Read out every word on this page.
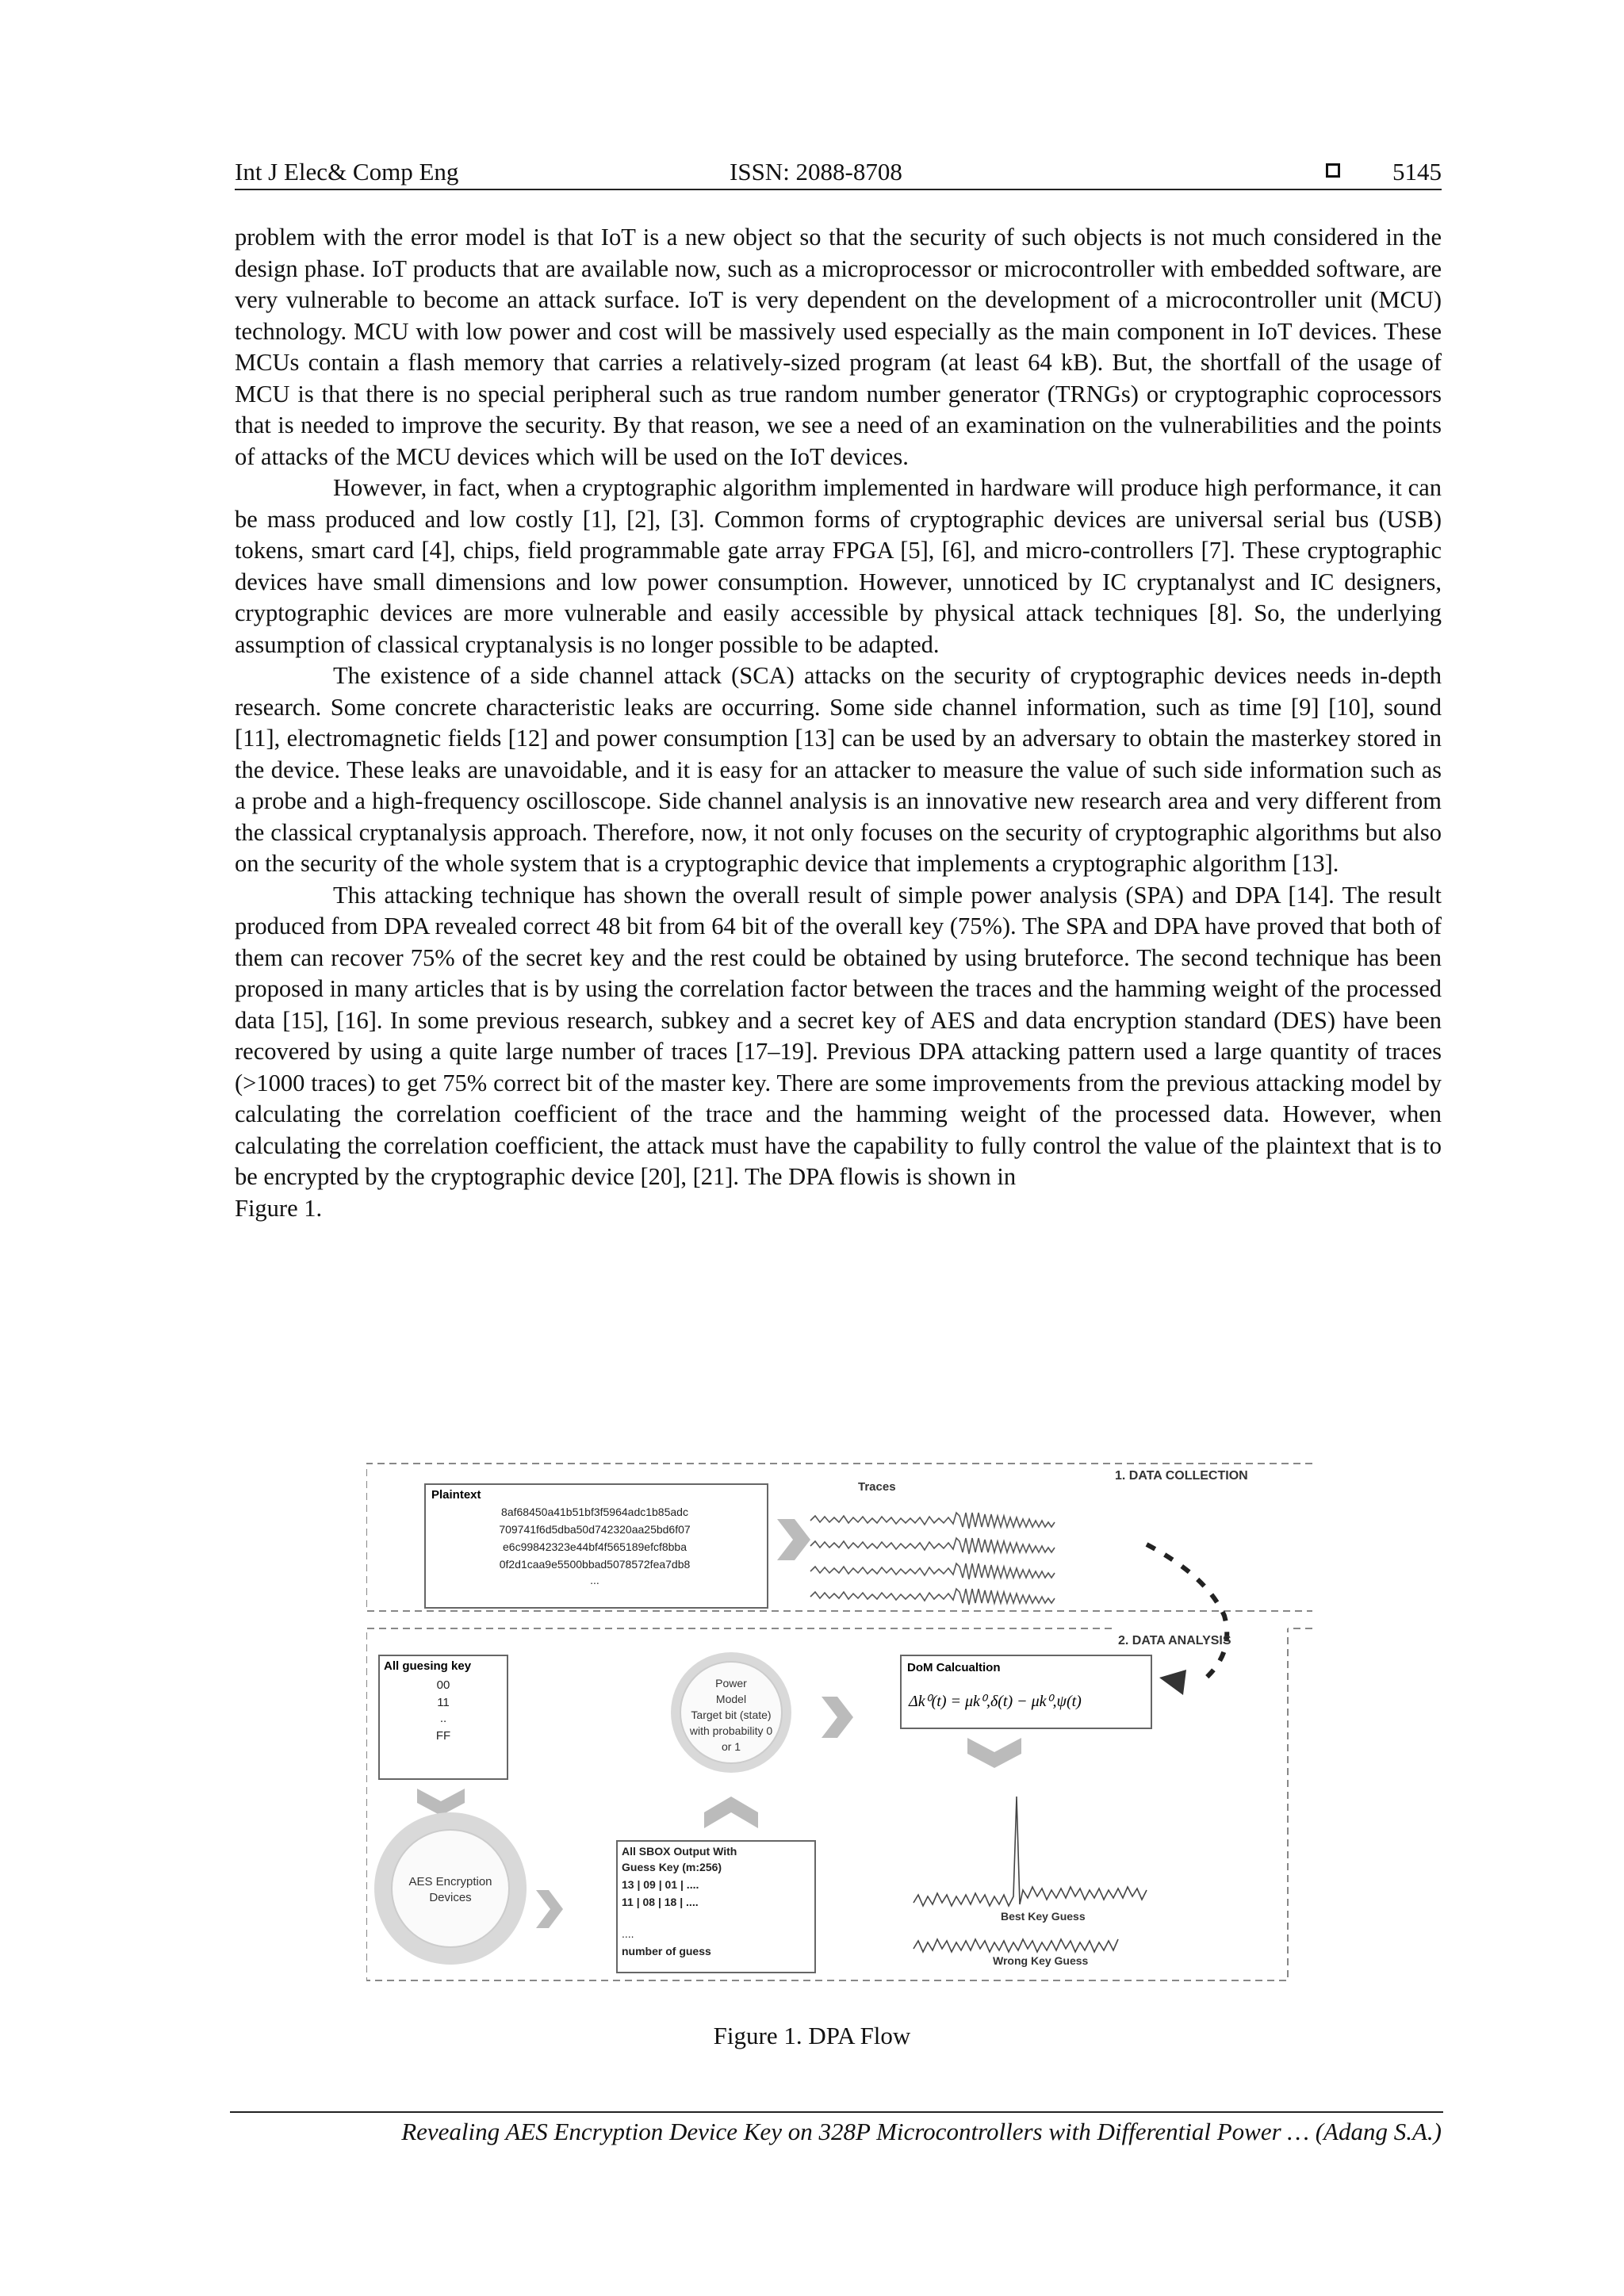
Int J Elec& Comp Eng	ISSN: 2088-8708	5145

problem with the error model is that IoT is a new object so that the security of such objects is not much considered in the design phase. IoT products that are available now, such as a microprocessor or microcontroller with embedded software, are very vulnerable to become an attack surface. IoT is very dependent on the development of a microcontroller unit (MCU) technology. MCU with low power and cost will be massively used especially as the main component in IoT devices. These MCUs contain a flash memory that carries a relatively-sized program (at least 64 kB). But, the shortfall of the usage of MCU is that there is no special peripheral such as true random number generator (TRNGs) or cryptographic coprocessors that is needed to improve the security. By that reason, we see a need of an examination on the vulnerabilities and the points of attacks of the MCU devices which will be used on the IoT devices.

However, in fact, when a cryptographic algorithm implemented in hardware will produce high performance, it can be mass produced and low costly [1], [2], [3]. Common forms of cryptographic devices are universal serial bus (USB) tokens, smart card [4], chips, field programmable gate array FPGA [5], [6], and micro-controllers [7]. These cryptographic devices have small dimensions and low power consumption. However, unnoticed by IC cryptanalyst and IC designers, cryptographic devices are more vulnerable and easily accessible by physical attack techniques [8]. So, the underlying assumption of classical cryptanalysis is no longer possible to be adapted.

The existence of a side channel attack (SCA) attacks on the security of cryptographic devices needs in-depth research. Some concrete characteristic leaks are occurring. Some side channel information, such as time [9] [10], sound [11], electromagnetic fields [12] and power consumption [13] can be used by an adversary to obtain the masterkey stored in the device. These leaks are unavoidable, and it is easy for an attacker to measure the value of such side information such as a probe and a high-frequency oscilloscope. Side channel analysis is an innovative new research area and very different from the classical cryptanalysis approach. Therefore, now, it not only focuses on the security of cryptographic algorithms but also on the security of the whole system that is a cryptographic device that implements a cryptographic algorithm [13].

This attacking technique has shown the overall result of simple power analysis (SPA) and DPA [14]. The result produced from DPA revealed correct 48 bit from 64 bit of the overall key (75%). The SPA and DPA have proved that both of them can recover 75% of the secret key and the rest could be obtained by using bruteforce. The second technique has been proposed in many articles that is by using the correlation factor between the traces and the hamming weight of the processed data [15], [16]. In some previous research, subkey and a secret key of AES and data encryption standard (DES) have been recovered by using a quite large number of traces [17–19]. Previous DPA attacking pattern used a large quantity of traces (>1000 traces) to get 75% correct bit of the master key. There are some improvements from the previous attacking model by calculating the correlation coefficient of the trace and the hamming weight of the processed data. However, when calculating the correlation coefficient, the attack must have the capability to fully control the value of the plaintext that is to be encrypted by the cryptographic device [20], [21]. The DPA flowis is shown in

Figure 1.

1. DATA COLLECTION
Plaintext
8af68450a41b51bf3f5964adc1b85adc
709741f6d5dba50d742320aa25bd6f07
e6c99842323e44bf4f565189efcf8bba
0f2d1caa9e5500bbad5078572fea7db8
...
Traces
2. DATA ANALYSIS
All guesing key
00
11
..
FF
Power
Model
Target bit (state)
with probability 0
or 1
DoM Calcualtion
Δk⁰(t) = μk⁰,δ(t) − μk⁰,ψ(t)
AES Encryption
Devices
All SBOX Output With
Guess Key (m:256)
13 | 09 | 01 | ....
11 | 08 | 18 | ....
....
number of guess
Best Key Guess
Wrong Key Guess
Figure 1. DPA Flow
Revealing AES Encryption Device Key on 328P Microcontrollers with Differential Power … (Adang S.A.)
